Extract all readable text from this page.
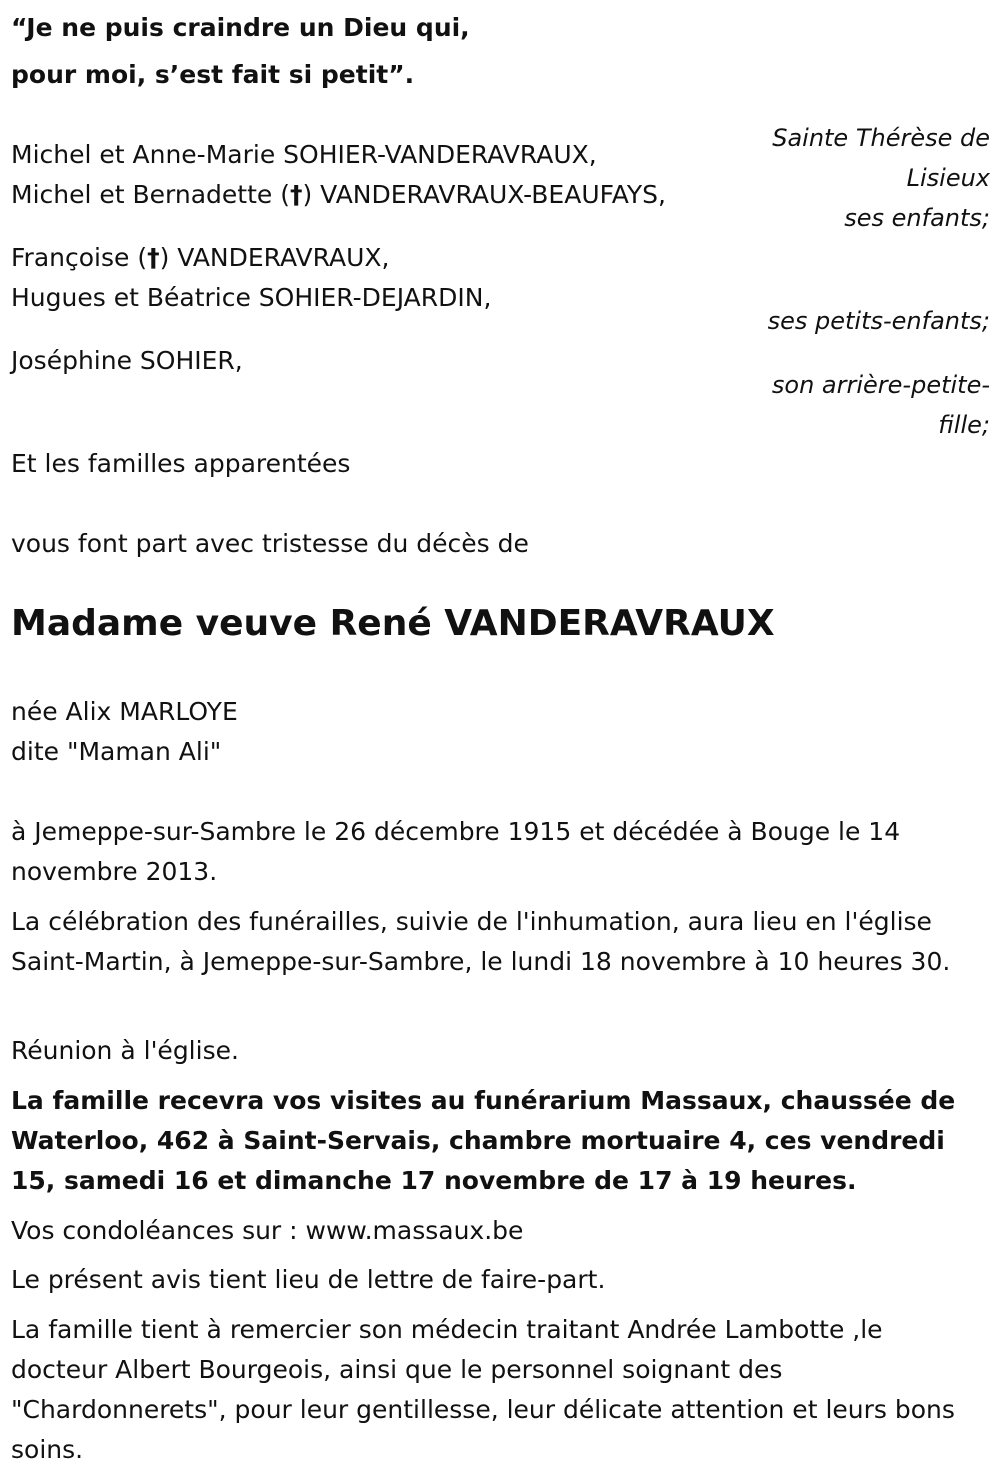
“Je ne puis craindre un Dieu qui,
pour moi, s’est fait si petit”.
Sainte Thérèse de
Lisieux
ses enfants;
ses petits-enfants;
son arrière-petite-
fille;
Michel et Anne-Marie SOHIER-VANDERAVRAUX,
Michel et Bernadette (†) VANDERAVRAUX-BEAUFAYS,
Françoise (†) VANDERAVRAUX,
Hugues et Béatrice SOHIER-DEJARDIN,
Joséphine SOHIER,
Et les familles apparentées
vous font part avec tristesse du décès de
Madame veuve René VANDERAVRAUX
née Alix MARLOYE
dite "Maman Ali"
à Jemeppe-sur-Sambre le 26 décembre 1915 et décédée à Bouge le 14 novembre 2013.
La célébration des funérailles, suivie de l'inhumation, aura lieu en l'église Saint-Martin, à Jemeppe-sur-Sambre, le lundi 18 novembre à 10 heures 30.
Réunion à l'église.
La famille recevra vos visites au funérarium Massaux, chaussée de Waterloo, 462 à Saint-Servais, chambre mortuaire 4, ces vendredi 15, samedi 16 et dimanche 17 novembre de 17 à 19 heures.
Vos condoléances sur : www.massaux.be
Le présent avis tient lieu de lettre de faire-part.
La famille tient à remercier son médecin traitant Andrée Lambotte ,le docteur Albert Bourgeois, ainsi que le personnel soignant des "Chardonnerets", pour leur gentillesse, leur délicate attention et leurs bons soins.
